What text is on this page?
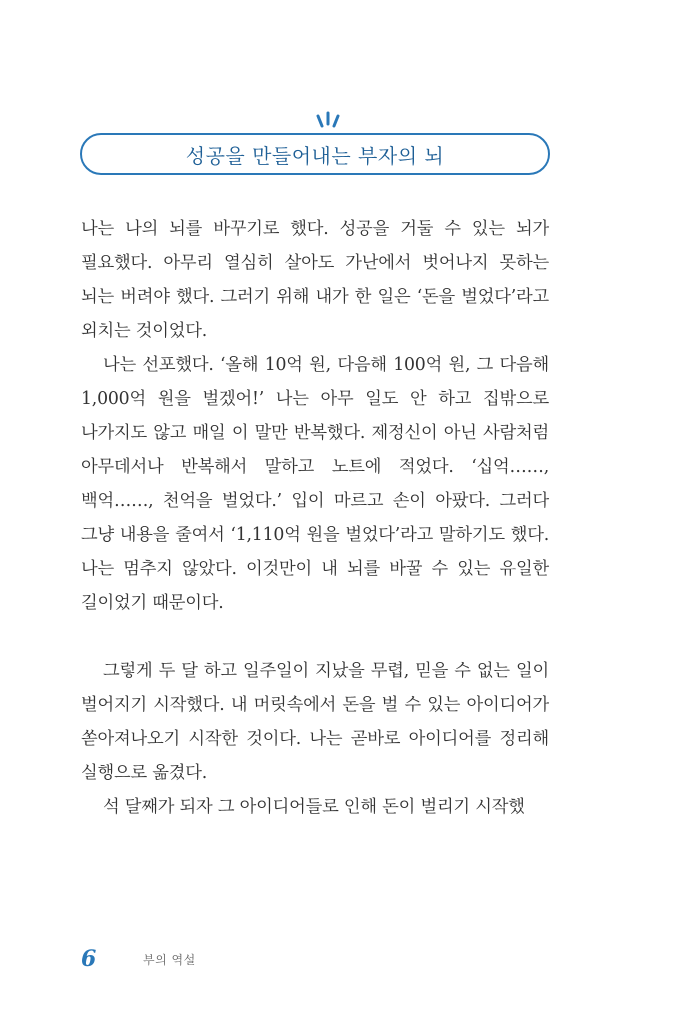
성공을 만들어내는 부자의 뇌

나는 나의 뇌를 바꾸기로 했다. 성공을 거둘 수 있는 뇌가 필요했다. 아무리 열심히 살아도 가난에서 벗어나지 못하는 뇌는 버려야 했다. 그러기 위해 내가 한 일은 ‘돈을 벌었다’라고 외치는 것이었다.

나는 선포했다. ‘올해 10억 원, 다음해 100억 원, 그 다음해 1,000억 원을 벌겠어!’ 나는 아무 일도 안 하고 집밖으로 나가지도 않고 매일 이 말만 반복했다. 제정신이 아닌 사람처럼 아무데서나 반복해서 말하고 노트에 적었다. ‘십억……, 백억……, 천억을 벌었다.’ 입이 마르고 손이 아팠다. 그러다 그냥 내용을 줄여서 ‘1,110억 원을 벌었다’라고 말하기도 했다. 나는 멈추지 않았다. 이것만이 내 뇌를 바꿀 수 있는 유일한 길이었기 때문이다.

그렇게 두 달 하고 일주일이 지났을 무렵, 믿을 수 없는 일이 벌어지기 시작했다. 내 머릿속에서 돈을 벌 수 있는 아이디어가 쏟아져나오기 시작한 것이다. 나는 곧바로 아이디어를 정리해 실행으로 옮겼다.

석 달째가 되자 그 아이디어들로 인해 돈이 벌리기 시작했

6	부의 역설
